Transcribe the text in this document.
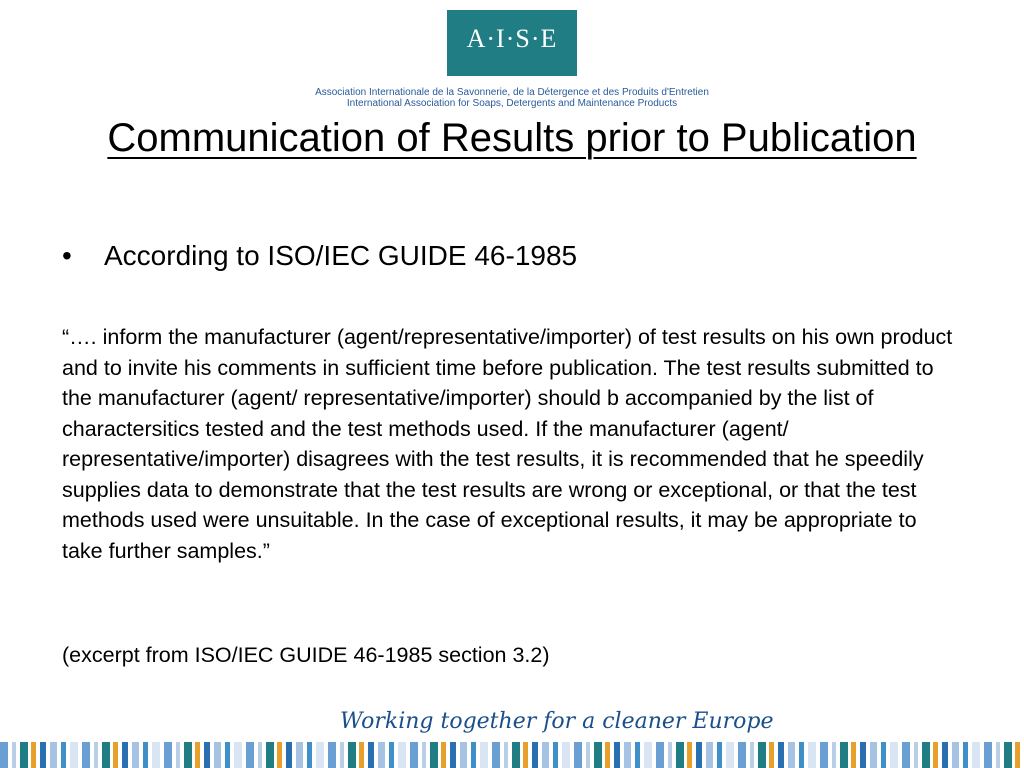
A·I·S·E
Association Internationale de la Savonnerie, de la Détergence et des Produits d'Entretien
International Association for Soaps, Detergents and Maintenance Products
Communication of Results prior to Publication
• According to ISO/IEC GUIDE 46-1985
“…. inform the manufacturer (agent/representative/importer) of test results on his own product and to invite his comments in sufficient time before publication. The test results submitted to the manufacturer (agent/ representative/importer) should b accompanied by the list of charactersitics tested and the test methods used. If the manufacturer (agent/ representative/importer) disagrees with the test results, it is recommended that he speedily supplies data to demonstrate that the test results are wrong or exceptional, or that the test methods used were unsuitable. In the case of exceptional results, it may be appropriate to take further samples.”
(excerpt from ISO/IEC GUIDE 46-1985 section 3.2)
Working together for a cleaner Europe
